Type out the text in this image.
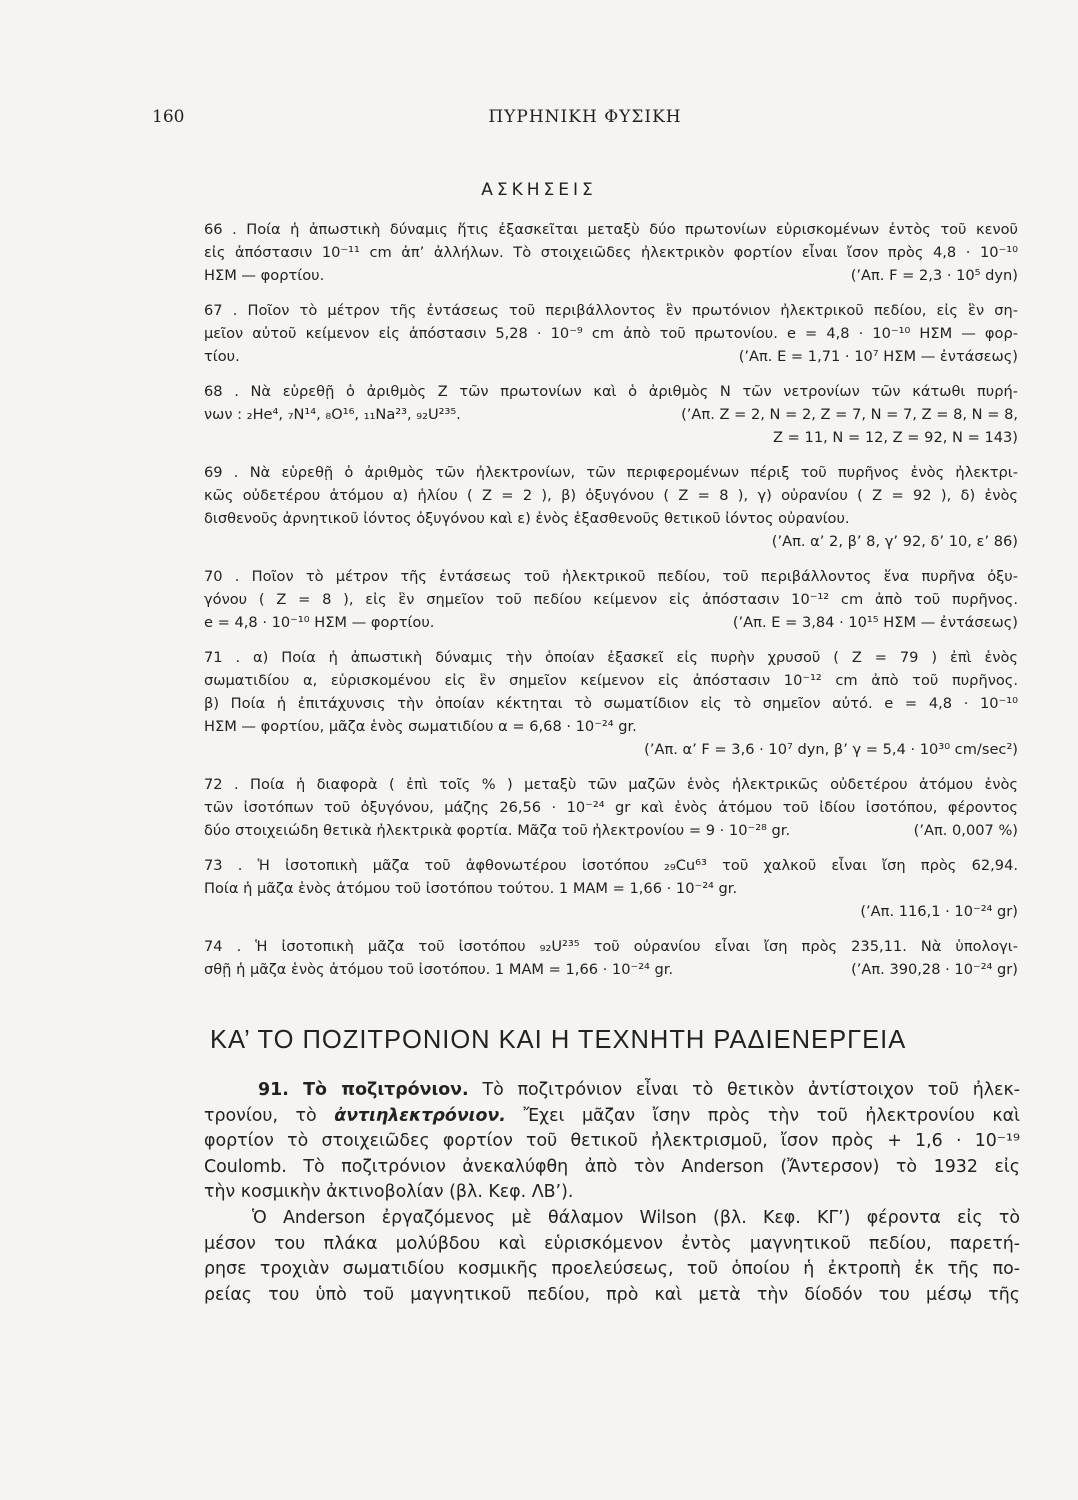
160	ΠΥΡΗΝΙΚΗ ΦΥΣΙΚΗ
ΑΣΚΗΣΕΙΣ
66 . Ποία ἡ ἀπωστικὴ δύναμις ἥτις ἐξασκεῖται μεταξὺ δύο πρωτονίων εὑρισκομένων ἐντὸς τοῦ κενοῦ
εἰς ἀπόστασιν 10⁻¹¹ cm ἀπ’ ἀλλήλων. Τὸ στοιχειῶδες ἠλεκτρικὸν φορτίον εἶναι ἴσον πρὸς 4,8 · 10⁻¹⁰
ΗΣΜ — φορτίου.	(’Απ. F = 2,3 · 10⁵ dyn)
67 . Ποῖον τὸ μέτρον τῆς ἐντάσεως τοῦ περιβάλλοντος ἓν πρωτόνιον ἠλεκτρικοῦ πεδίου, εἰς ἓν ση-
μεῖον αὐτοῦ κείμενον εἰς ἀπόστασιν 5,28 · 10⁻⁹ cm ἀπὸ τοῦ πρωτονίου. e = 4,8 · 10⁻¹⁰ ΗΣΜ — φορ-
τίου.	(’Απ. E = 1,71 · 10⁷ ΗΣΜ — ἐντάσεως)
68 . Νὰ εὑρεθῇ ὁ ἀριθμὸς Z τῶν πρωτονίων καὶ ὁ ἀριθμὸς N τῶν νετρονίων τῶν κάτωθι πυρή-
νων : ₂He⁴, ₇N¹⁴, ₈O¹⁶, ₁₁Na²³, ₉₂U²³⁵.	(’Απ. Z = 2, N = 2, Z = 7, N = 7, Z = 8, N = 8,
Z = 11, N = 12, Z = 92, N = 143)
69 . Νὰ εὑρεθῇ ὁ ἀριθμὸς τῶν ἠλεκτρονίων, τῶν περιφερομένων πέριξ τοῦ πυρῆνος ἑνὸς ἠλεκτρι-
κῶς οὐδετέρου ἀτόμου α) ἡλίου ( Z = 2 ), β) ὀξυγόνου ( Z = 8 ), γ) οὐρανίου ( Z = 92 ), δ) ἑνὸς
δισθενοῦς ἀρνητικοῦ ἰόντος ὀξυγόνου καὶ ε) ἑνὸς ἑξασθενοῦς θετικοῦ ἰόντος οὐρανίου.
(’Απ. α’ 2, β’ 8, γ’ 92, δ’ 10, ε’ 86)
70 . Ποῖον τὸ μέτρον τῆς ἐντάσεως τοῦ ἠλεκτρικοῦ πεδίου, τοῦ περιβάλλοντος ἕνα πυρῆνα ὀξυ-
γόνου ( Z = 8 ), εἰς ἓν σημεῖον τοῦ πεδίου κείμενον εἰς ἀπόστασιν 10⁻¹² cm ἀπὸ τοῦ πυρῆνος.
e = 4,8 · 10⁻¹⁰ ΗΣΜ — φορτίου.	(’Απ. E = 3,84 · 10¹⁵ ΗΣΜ — ἐντάσεως)
71 . α) Ποία ἡ ἀπωστικὴ δύναμις τὴν ὁποίαν ἐξασκεῖ εἰς πυρὴν χρυσοῦ ( Z = 79 ) ἐπὶ ἑνὸς
σωματιδίου α, εὑρισκομένου εἰς ἓν σημεῖον κείμενον εἰς ἀπόστασιν 10⁻¹² cm ἀπὸ τοῦ πυρῆνος.
β) Ποία ἡ ἐπιτάχυνσις τὴν ὁποίαν κέκτηται τὸ σωματίδιον εἰς τὸ σημεῖον αὐτό. e = 4,8 · 10⁻¹⁰
ΗΣΜ — φορτίου, μᾶζα ἑνὸς σωματιδίου α = 6,68 · 10⁻²⁴ gr.
(’Απ. α’ F = 3,6 · 10⁷ dyn, β’ γ = 5,4 · 10³⁰ cm/sec²)
72 . Ποία ἡ διαφορὰ ( ἐπὶ τοῖς % ) μεταξὺ τῶν μαζῶν ἑνὸς ἠλεκτρικῶς οὐδετέρου ἀτόμου ἑνὸς
τῶν ἰσοτόπων τοῦ ὀξυγόνου, μάζης 26,56 · 10⁻²⁴ gr καὶ ἑνὸς ἀτόμου τοῦ ἰδίου ἰσοτόπου, φέροντος
δύο στοιχειώδη θετικὰ ἠλεκτρικὰ φορτία. Μᾶζα τοῦ ἠλεκτρονίου = 9 · 10⁻²⁸ gr.	(’Απ. 0,007 %)
73 . Ἡ ἰσοτοπικὴ μᾶζα τοῦ ἀφθονωτέρου ἰσοτόπου ₂₉Cu⁶³ τοῦ χαλκοῦ εἶναι ἴση πρὸς 62,94.
Ποία ἡ μᾶζα ἑνὸς ἀτόμου τοῦ ἰσοτόπου τούτου. 1 MAM = 1,66 · 10⁻²⁴ gr.
(’Απ. 116,1 · 10⁻²⁴ gr)
74 . Ἡ ἰσοτοπικὴ μᾶζα τοῦ ἰσοτόπου ₉₂U²³⁵ τοῦ οὐρανίου εἶναι ἴση πρὸς 235,11. Νὰ ὑπολογι-
σθῇ ἡ μᾶζα ἑνὸς ἀτόμου τοῦ ἰσοτόπου. 1 MAM = 1,66 · 10⁻²⁴ gr.	(’Απ. 390,28 · 10⁻²⁴ gr)
ΚΑ’ ΤΟ ΠΟΖΙΤΡΟΝΙΟΝ ΚΑΙ Η ΤΕΧΝΗΤΗ ΡΑΔΙΕΝΕΡΓΕΙΑ
91. Τὸ ποζιτρόνιον. Τὸ ποζιτρόνιον εἶναι τὸ θετικὸν ἀντίστοιχον τοῦ ἠλεκ-
τρονίου, τὸ ἀντιηλεκτρόνιον. Ἔχει μᾶζαν ἴσην πρὸς τὴν τοῦ ἠλεκτρονίου καὶ
φορτίον τὸ στοιχειῶδες φορτίον τοῦ θετικοῦ ἠλεκτρισμοῦ, ἴσον πρὸς + 1,6 · 10⁻¹⁹
Coulomb. Τὸ ποζιτρόνιον ἀνεκαλύφθη ἀπὸ τὸν Anderson (Ἄντερσον) τὸ 1932 εἰς
τὴν κοσμικὴν ἀκτινοβολίαν (βλ. Κεφ. ΛΒ’).
Ὁ Anderson ἐργαζόμενος μὲ θάλαμον Wilson (βλ. Κεφ. ΚΓ’) φέροντα εἰς τὸ
μέσον του πλάκα μολύβδου καὶ εὑρισκόμενον ἐντὸς μαγνητικοῦ πεδίου, παρετή-
ρησε τροχιὰν σωματιδίου κοσμικῆς προελεύσεως, τοῦ ὁποίου ἡ ἐκτροπὴ ἐκ τῆς πο-
ρείας του ὑπὸ τοῦ μαγνητικοῦ πεδίου, πρὸ καὶ μετὰ τὴν δίοδόν του μέσῳ τῆς
